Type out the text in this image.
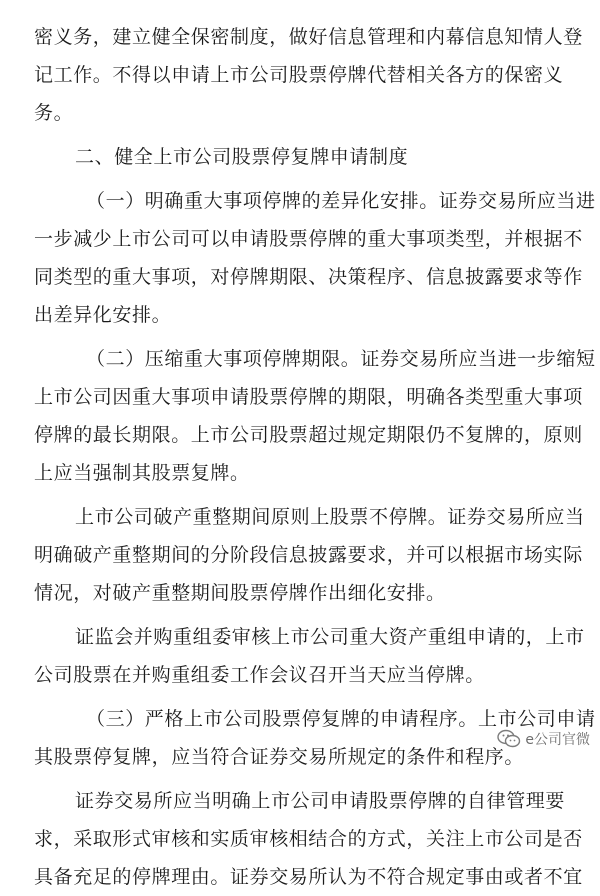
密义务，建立健全保密制度，做好信息管理和内幕信息知情人登
记工作。不得以申请上市公司股票停牌代替相关各方的保密义
务。
二、健全上市公司股票停复牌申请制度
（一）明确重大事项停牌的差异化安排。证券交易所应当进
一步减少上市公司可以申请股票停牌的重大事项类型，并根据不
同类型的重大事项，对停牌期限、决策程序、信息披露要求等作
出差异化安排。
（二）压缩重大事项停牌期限。证券交易所应当进一步缩短
上市公司因重大事项申请股票停牌的期限，明确各类型重大事项
停牌的最长期限。上市公司股票超过规定期限仍不复牌的，原则
上应当强制其股票复牌。
上市公司破产重整期间原则上股票不停牌。证券交易所应当
明确破产重整期间的分阶段信息披露要求，并可以根据市场实际
情况，对破产重整期间股票停牌作出细化安排。
证监会并购重组委审核上市公司重大资产重组申请的，上市
公司股票在并购重组委工作会议召开当天应当停牌。
（三）严格上市公司股票停复牌的申请程序。上市公司申请
其股票停复牌，应当符合证券交易所规定的条件和程序。
证券交易所应当明确上市公司申请股票停牌的自律管理要
求，采取形式审核和实质审核相结合的方式，关注上市公司是否
具备充足的停牌理由。证券交易所认为不符合规定事由或者不宜
e公司官微
